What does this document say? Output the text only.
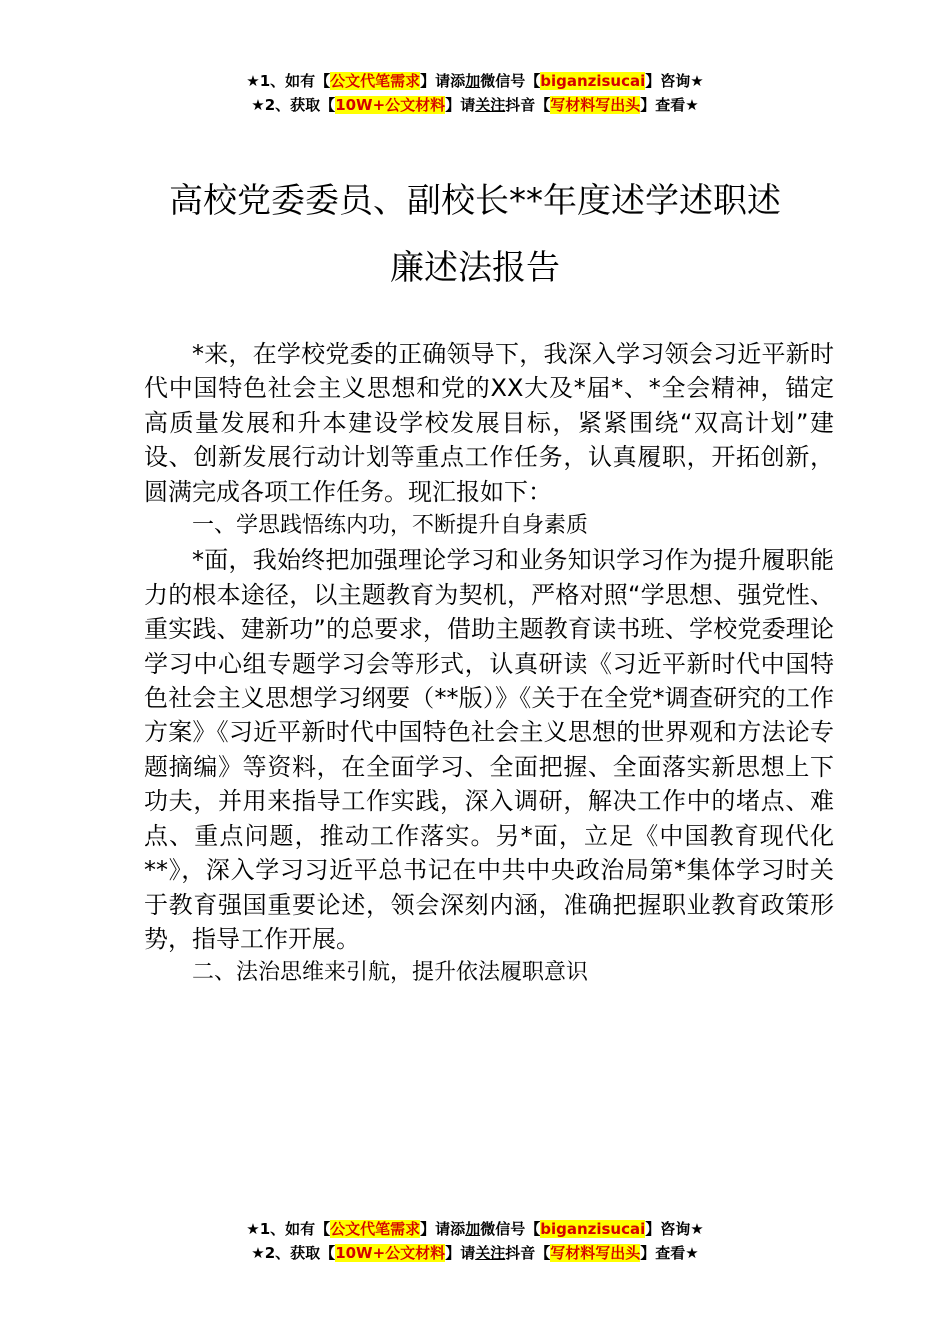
★1、如有【公文代笔需求】请添加微信号【biganzisucai】咨询★
★2、获取【10W+公文材料】请关注抖音【写材料写出头】查看★
高校党委委员、副校长**年度述学述职述
廉述法报告

*来，在学校党委的正确领导下，我深入学习领会习近平新时代中国特色社会主义思想和党的XX大及*届*、*全会精神，锚定高质量发展和升本建设学校发展目标，紧紧围绕“双高计划”建设、创新发展行动计划等重点工作任务，认真履职，开拓创新，圆满完成各项工作任务。现汇报如下：

一、学思践悟练内功，不断提升自身素质

*面，我始终把加强理论学习和业务知识学习作为提升履职能力的根本途径，以主题教育为契机，严格对照“学思想、强党性、重实践、建新功”的总要求，借助主题教育读书班、学校党委理论学习中心组专题学习会等形式，认真研读《习近平新时代中国特色社会主义思想学习纲要（**版）》《关于在全党*调查研究的工作方案》《习近平新时代中国特色社会主义思想的世界观和方法论专题摘编》等资料，在全面学习、全面把握、全面落实新思想上下功夫，并用来指导工作实践，深入调研，解决工作中的堵点、难点、重点问题，推动工作落实。另*面，立足《中国教育现代化**》，深入学习习近平总书记在中共中央政治局第*集体学习时关于教育强国重要论述，领会深刻内涵，准确把握职业教育政策形势，指导工作开展。

二、法治思维来引航，提升依法履职意识

★1、如有【公文代笔需求】请添加微信号【biganzisucai】咨询★
★2、获取【10W+公文材料】请关注抖音【写材料写出头】查看★
